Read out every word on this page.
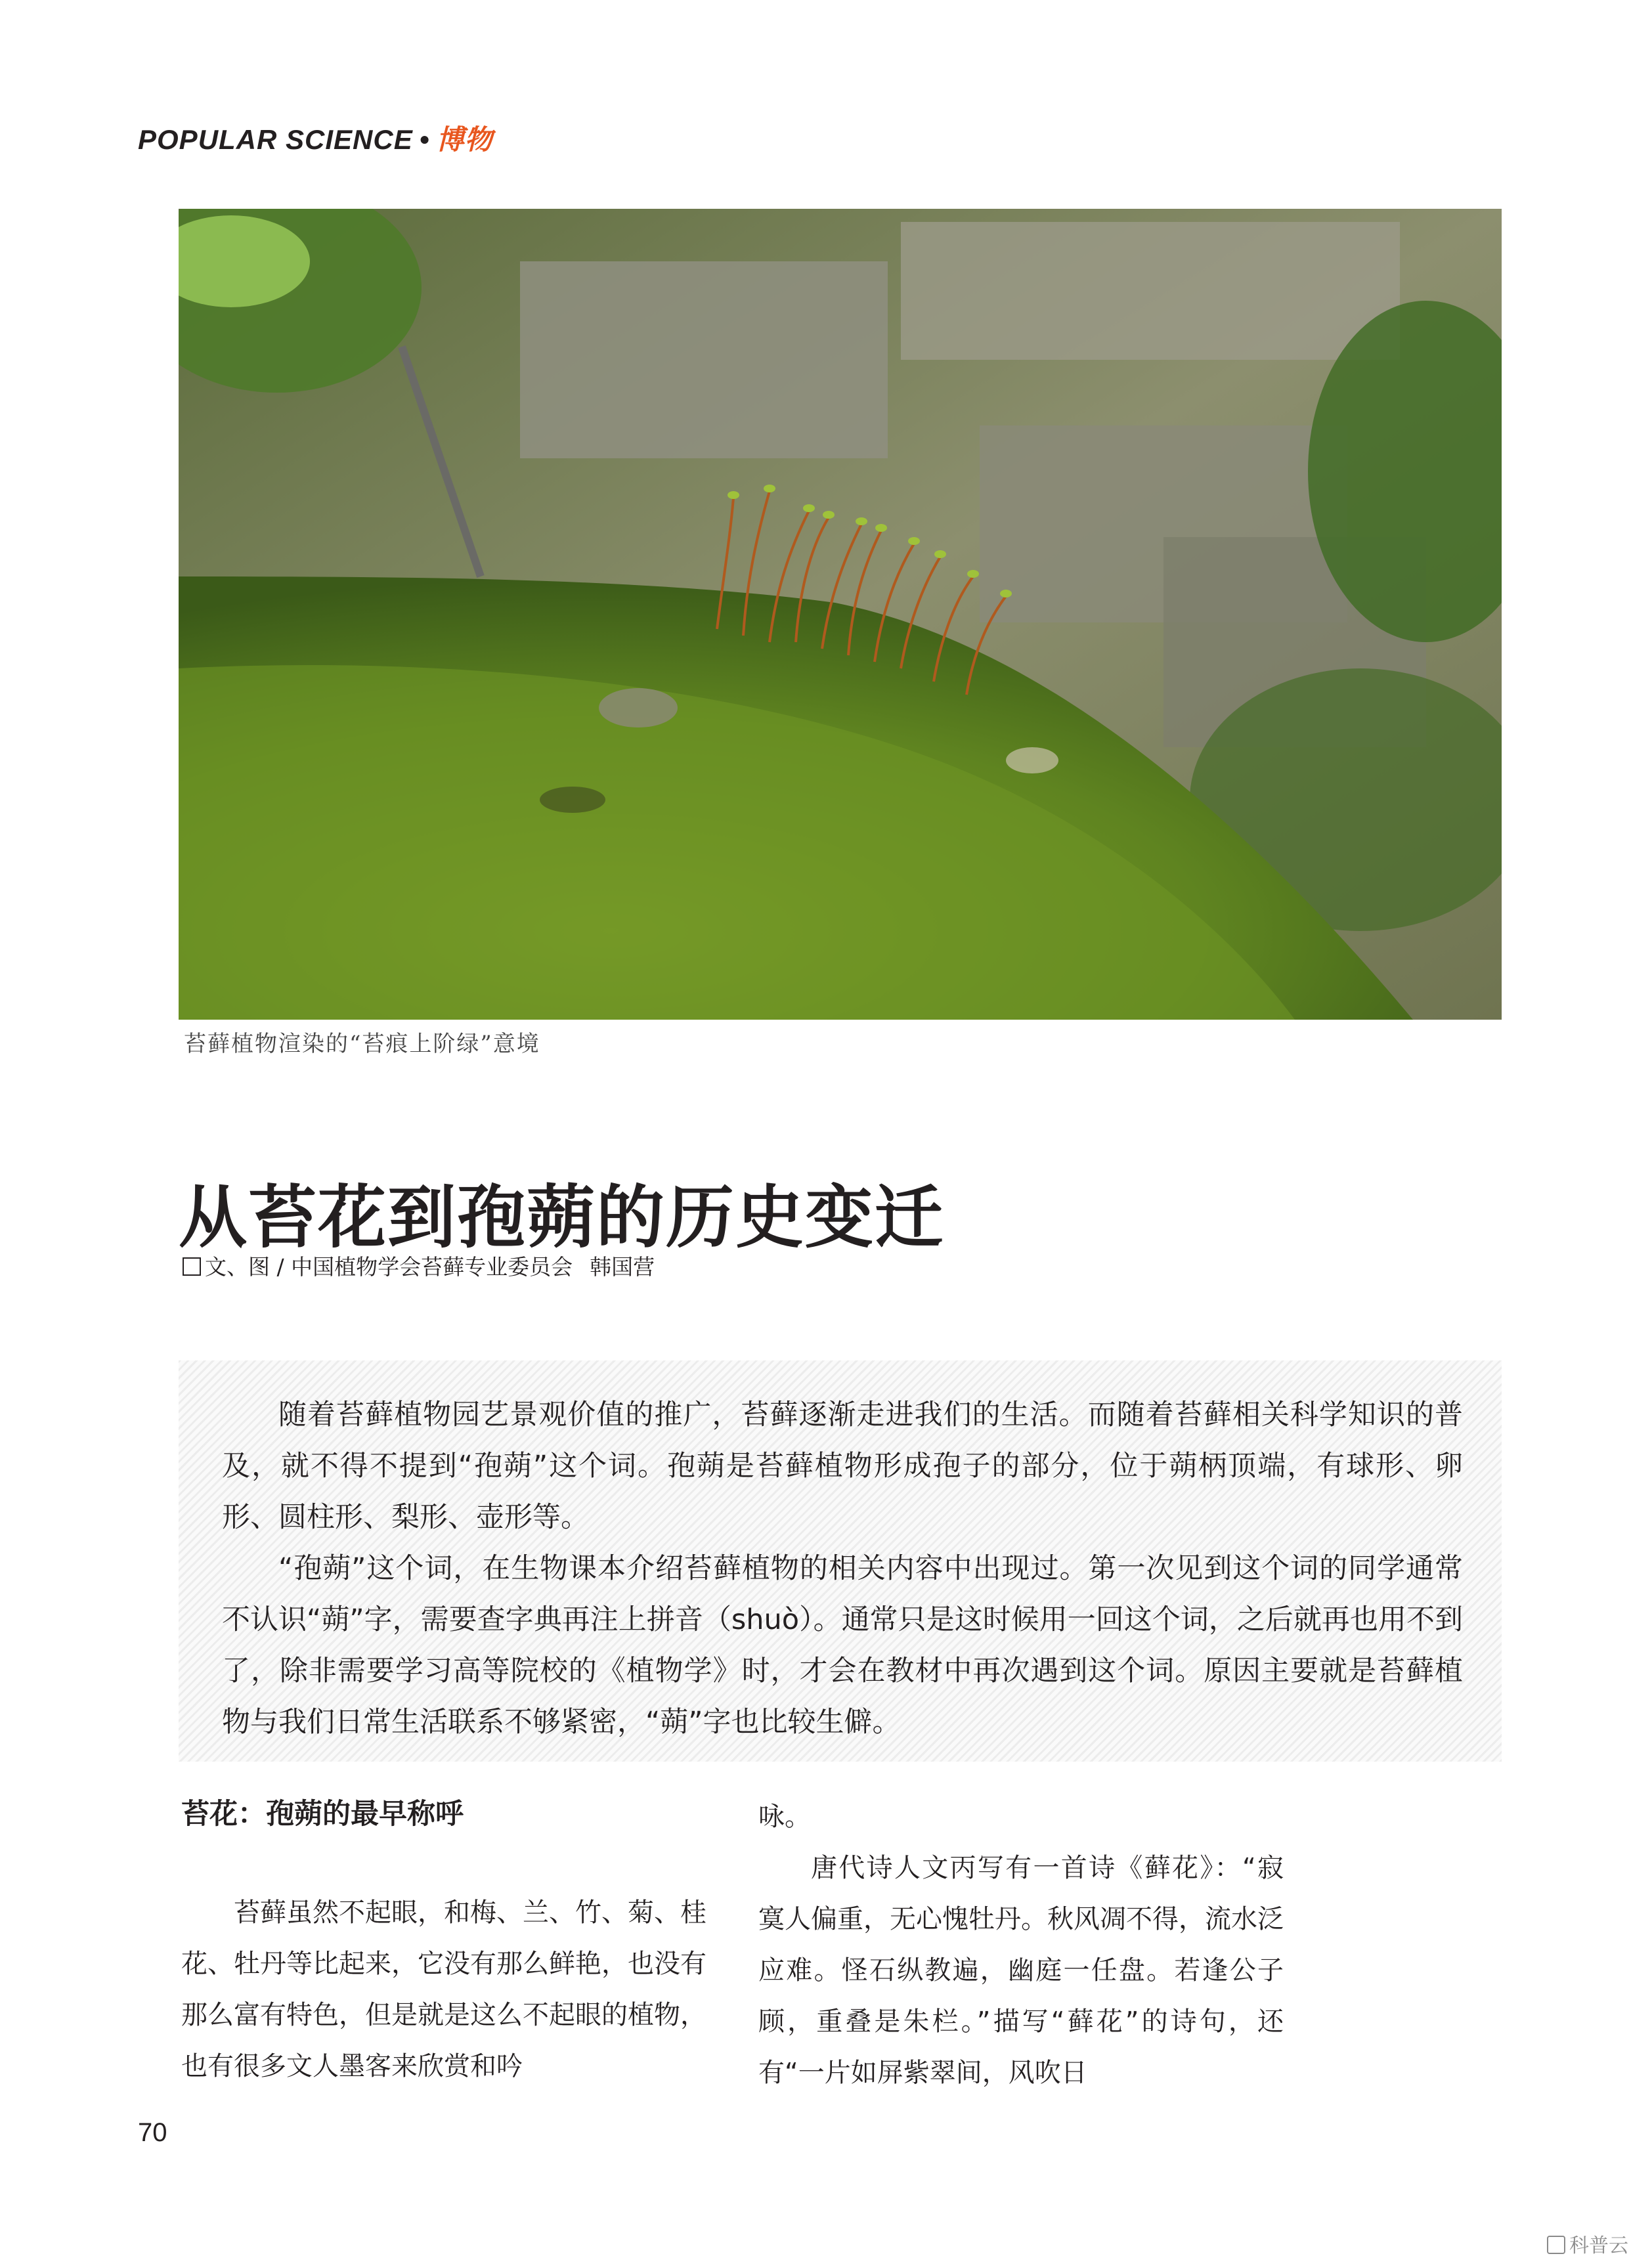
POPULAR SCIENCE • 博物
苔藓植物渲染的“苔痕上阶绿”意境
从苔花到孢蒴的历史变迁
文、图 / 中国植物学会苔藓专业委员会 韩国营

随着苔藓植物园艺景观价值的推广，苔藓逐渐走进我们的生活。而随着苔藓相关科学知识的普及，就不得不提到“孢蒴”这个词。孢蒴是苔藓植物形成孢子的部分，位于蒴柄顶端，有球形、卵形、圆柱形、梨形、壶形等。

“孢蒴”这个词，在生物课本介绍苔藓植物的相关内容中出现过。第一次见到这个词的同学通常不认识“蒴”字，需要查字典再注上拼音（shuò）。通常只是这时候用一回这个词，之后就再也用不到了，除非需要学习高等院校的《植物学》时，才会在教材中再次遇到这个词。原因主要就是苔藓植物与我们日常生活联系不够紧密，“蒴”字也比较生僻。

苔花：孢蒴的最早称呼

苔藓虽然不起眼，和梅、兰、竹、菊、桂花、牡丹等比起来，它没有那么鲜艳，也没有那么富有特色，但是就是这么不起眼的植物，也有很多文人墨客来欣赏和吟

咏。

唐代诗人文丙写有一首诗《藓花》：“寂寞人偏重，无心愧牡丹。秋风凋不得，流水泛应难。怪石纵教遍，幽庭一任盘。若逢公子顾，重叠是朱栏。”描写“藓花”的诗句，还有“一片如屏紫翠间，风吹日

70
科普云
